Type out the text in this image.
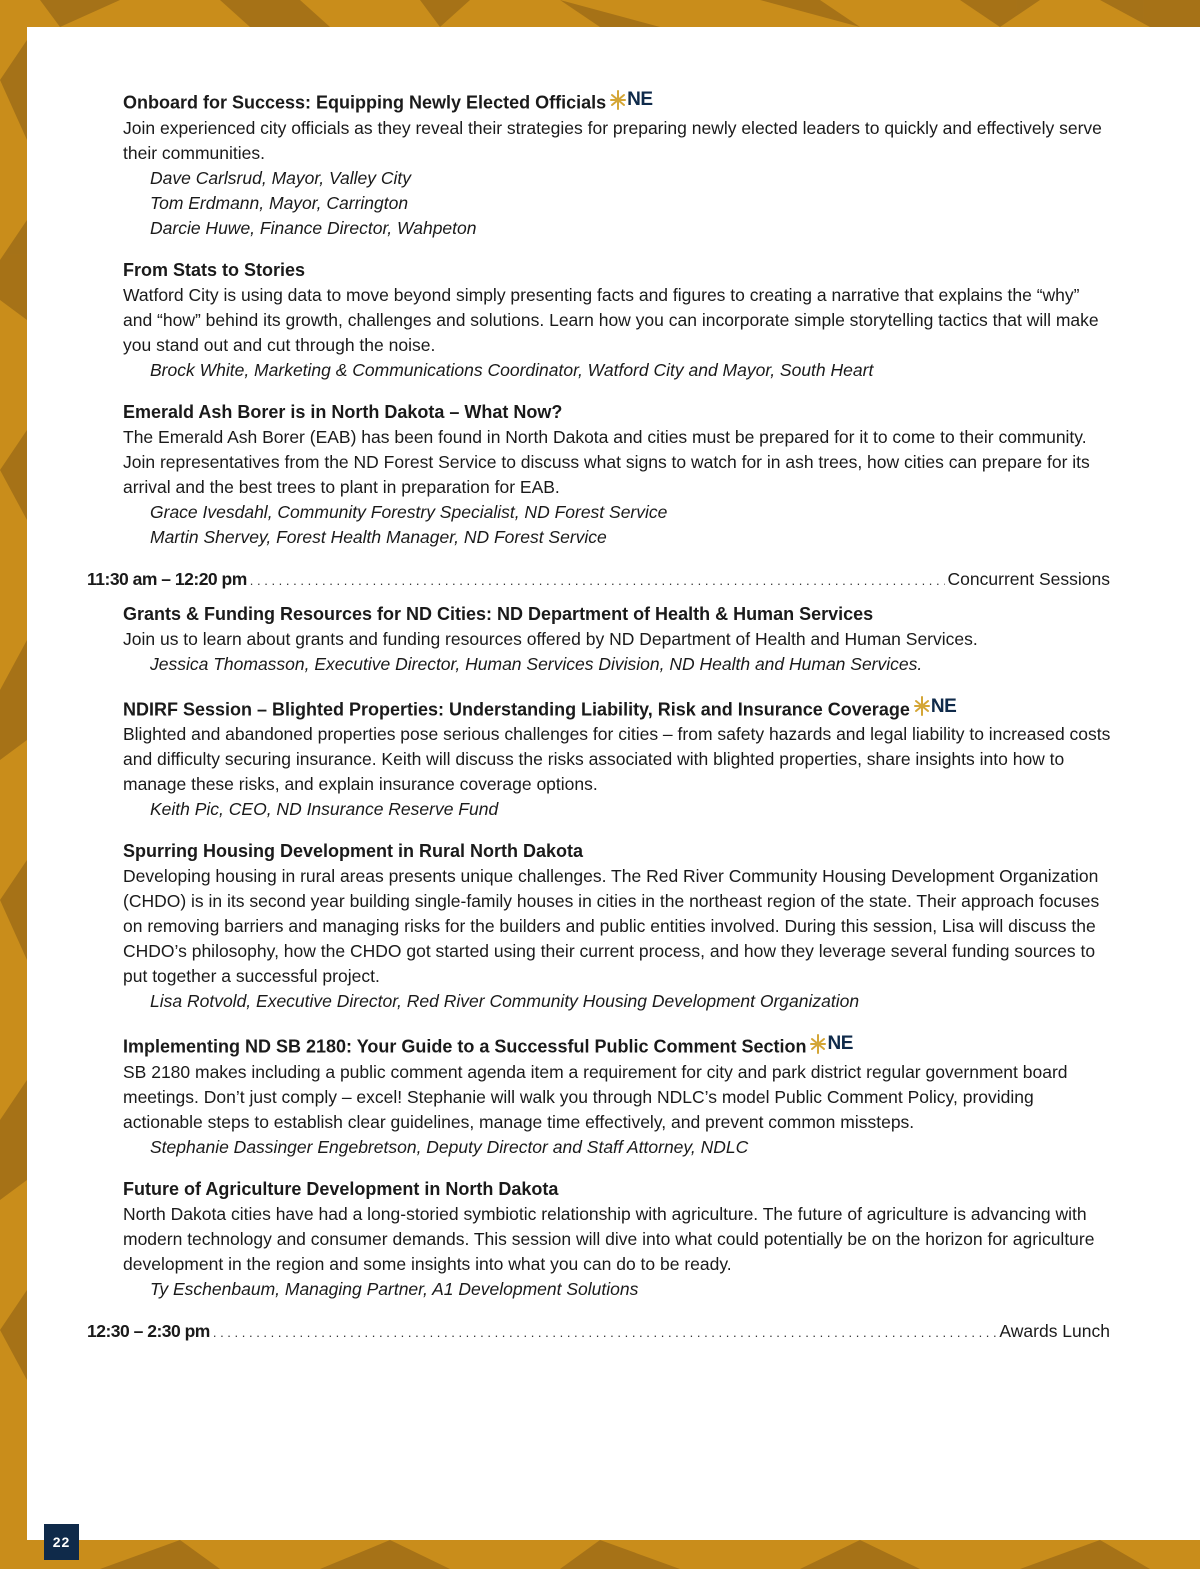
Onboard for Success: Equipping Newly Elected Officials NE
Join experienced city officials as they reveal their strategies for preparing newly elected leaders to quickly and effectively serve their communities.
Dave Carlsrud, Mayor, Valley City
Tom Erdmann, Mayor, Carrington
Darcie Huwe, Finance Director, Wahpeton
From Stats to Stories
Watford City is using data to move beyond simply presenting facts and figures to creating a narrative that explains the “why” and “how” behind its growth, challenges and solutions. Learn how you can incorporate simple storytelling tactics that will make you stand out and cut through the noise.
Brock White, Marketing & Communications Coordinator, Watford City and Mayor, South Heart
Emerald Ash Borer is in North Dakota – What Now?
The Emerald Ash Borer (EAB) has been found in North Dakota and cities must be prepared for it to come to their community. Join representatives from the ND Forest Service to discuss what signs to watch for in ash trees, how cities can prepare for its arrival and the best trees to plant in preparation for EAB.
Grace Ivesdahl, Community Forestry Specialist, ND Forest Service
Martin Shervey, Forest Health Manager, ND Forest Service
11:30 am – 12:20 pm . . .	Concurrent Sessions
Grants & Funding Resources for ND Cities: ND Department of Health & Human Services
Join us to learn about grants and funding resources offered by ND Department of Health and Human Services.
Jessica Thomasson, Executive Director, Human Services Division, ND Health and Human Services.
NDIRF Session – Blighted Properties: Understanding Liability, Risk and Insurance Coverage NE
Blighted and abandoned properties pose serious challenges for cities – from safety hazards and legal liability to increased costs and difficulty securing insurance. Keith will discuss the risks associated with blighted properties, share insights into how to manage these risks, and explain insurance coverage options.
Keith Pic, CEO, ND Insurance Reserve Fund
Spurring Housing Development in Rural North Dakota
Developing housing in rural areas presents unique challenges. The Red River Community Housing Development Organization (CHDO) is in its second year building single-family houses in cities in the northeast region of the state. Their approach focuses on removing barriers and managing risks for the builders and public entities involved. During this session, Lisa will discuss the CHDO’s philosophy, how the CHDO got started using their current process, and how they leverage several funding sources to put together a successful project.
Lisa Rotvold, Executive Director, Red River Community Housing Development Organization
Implementing ND SB 2180: Your Guide to a Successful Public Comment Section NE
SB 2180 makes including a public comment agenda item a requirement for city and park district regular government board meetings. Don’t just comply – excel! Stephanie will walk you through NDLC’s model Public Comment Policy, providing actionable steps to establish clear guidelines, manage time effectively, and prevent common missteps.
Stephanie Dassinger Engebretson, Deputy Director and Staff Attorney, NDLC
Future of Agriculture Development in North Dakota
North Dakota cities have had a long-storied symbiotic relationship with agriculture. The future of agriculture is advancing with modern technology and consumer demands. This session will dive into what could potentially be on the horizon for agriculture development in the region and some insights into what you can do to be ready.
Ty Eschenbaum, Managing Partner, A1 Development Solutions
12:30 – 2:30 pm . . .	Awards Lunch
22
